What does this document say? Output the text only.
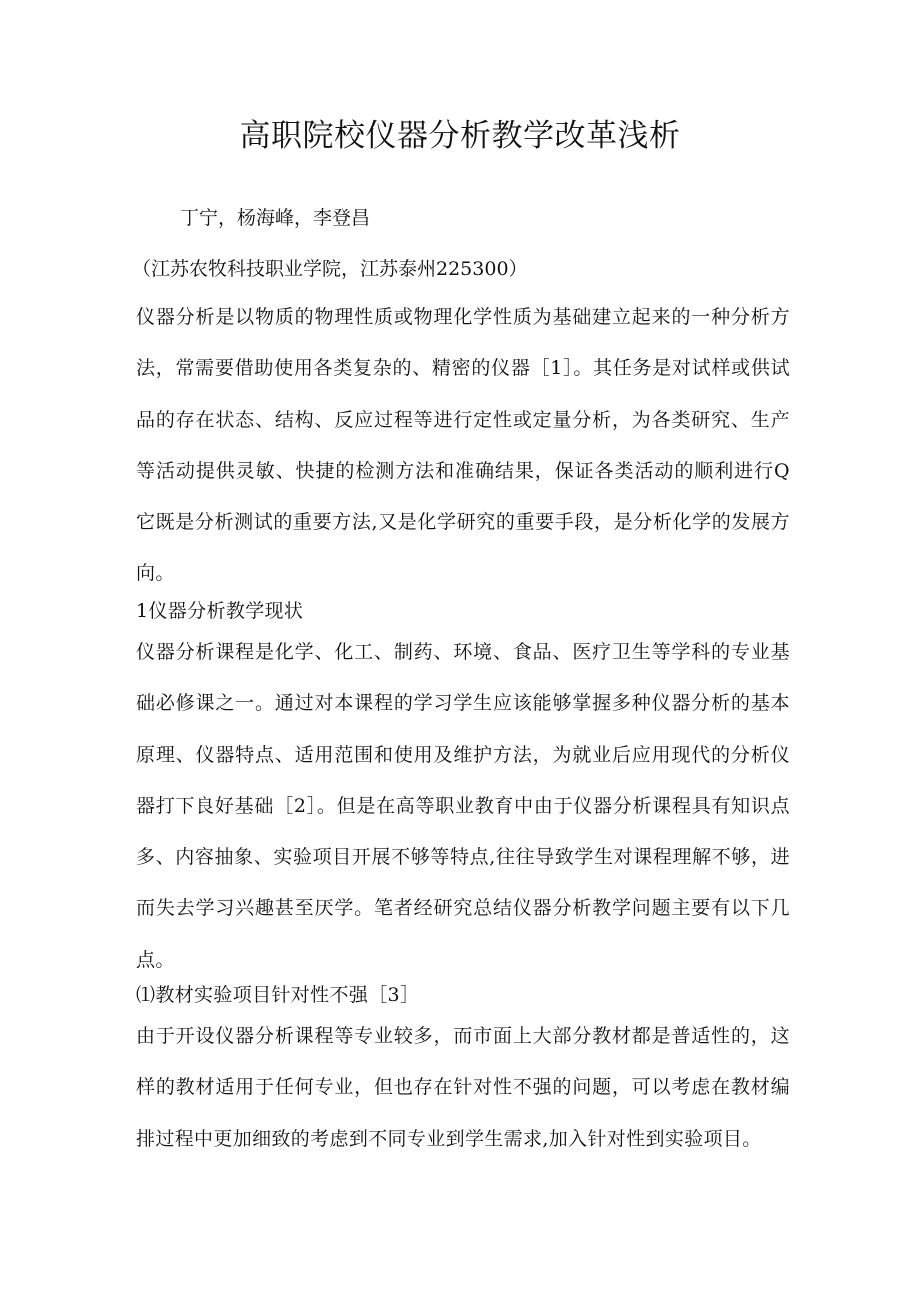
高职院校仪器分析教学改革浅析
丁宁，杨海峰，李登昌
（江苏农牧科技职业学院，江苏泰州225300）

仪器分析是以物质的物理性质或物理化学性质为基础建立起来的一种分析方法，常需要借助使用各类复杂的、精密的仪器［1］。其任务是对试样或供试品的存在状态、结构、反应过程等进行定性或定量分析，为各类研究、生产等活动提供灵敏、快捷的检测方法和准确结果，保证各类活动的顺利进行Q它既是分析测试的重要方法,又是化学研究的重要手段，是分析化学的发展方向。

1仪器分析教学现状

仪器分析课程是化学、化工、制药、环境、食品、医疗卫生等学科的专业基础必修课之一。通过对本课程的学习学生应该能够掌握多种仪器分析的基本原理、仪器特点、适用范围和使用及维护方法，为就业后应用现代的分析仪器打下良好基础［2］。但是在高等职业教育中由于仪器分析课程具有知识点多、内容抽象、实验项目开展不够等特点,往往导致学生对课程理解不够，进而失去学习兴趣甚至厌学。笔者经研究总结仪器分析教学问题主要有以下几点。

⑴教材实验项目针对性不强［3］

由于开设仪器分析课程等专业较多，而市面上大部分教材都是普适性的，这样的教材适用于任何专业，但也存在针对性不强的问题，可以考虑在教材编排过程中更加细致的考虑到不同专业到学生需求,加入针对性到实验项目。
